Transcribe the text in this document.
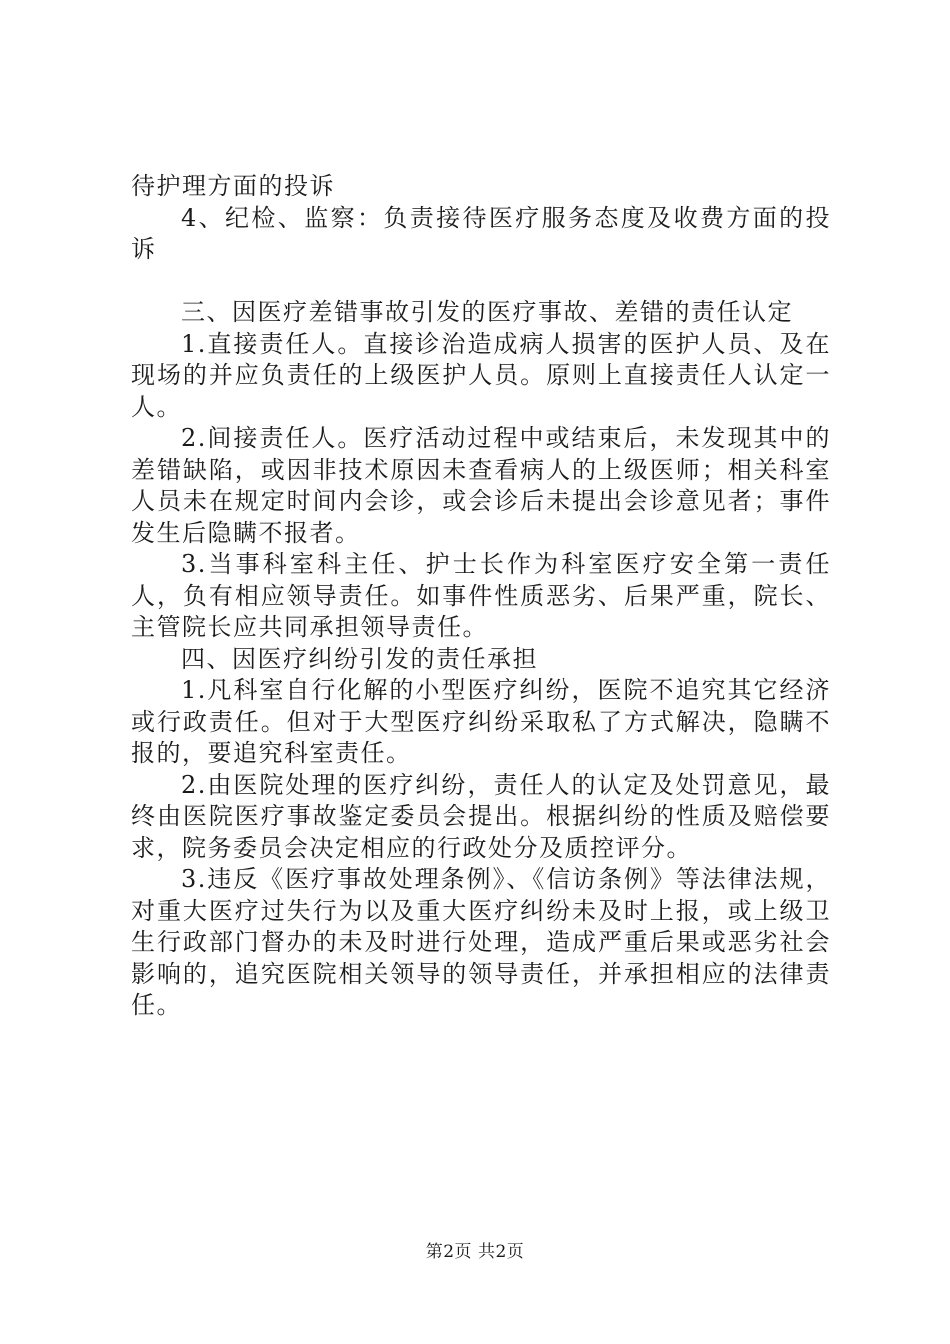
待护理方面的投诉

4、纪检、监察：负责接待医疗服务态度及收费方面的投诉

三、因医疗差错事故引发的医疗事故、差错的责任认定

1.直接责任人。直接诊治造成病人损害的医护人员、及在现场的并应负责任的上级医护人员。原则上直接责任人认定一人。

2.间接责任人。医疗活动过程中或结束后，未发现其中的差错缺陷，或因非技术原因未查看病人的上级医师；相关科室人员未在规定时间内会诊，或会诊后未提出会诊意见者；事件发生后隐瞒不报者。

3.当事科室科主任、护士长作为科室医疗安全第一责任人，负有相应领导责任。如事件性质恶劣、后果严重，院长、主管院长应共同承担领导责任。

四、因医疗纠纷引发的责任承担

1.凡科室自行化解的小型医疗纠纷，医院不追究其它经济或行政责任。但对于大型医疗纠纷采取私了方式解决，隐瞒不报的，要追究科室责任。

2.由医院处理的医疗纠纷，责任人的认定及处罚意见，最终由医院医疗事故鉴定委员会提出。根据纠纷的性质及赔偿要求，院务委员会决定相应的行政处分及质控评分。

3.违反《医疗事故处理条例》、《信访条例》等法律法规，对重大医疗过失行为以及重大医疗纠纷未及时上报，或上级卫生行政部门督办的未及时进行处理，造成严重后果或恶劣社会影响的，追究医院相关领导的领导责任，并承担相应的法律责任。

第2页 共2页
